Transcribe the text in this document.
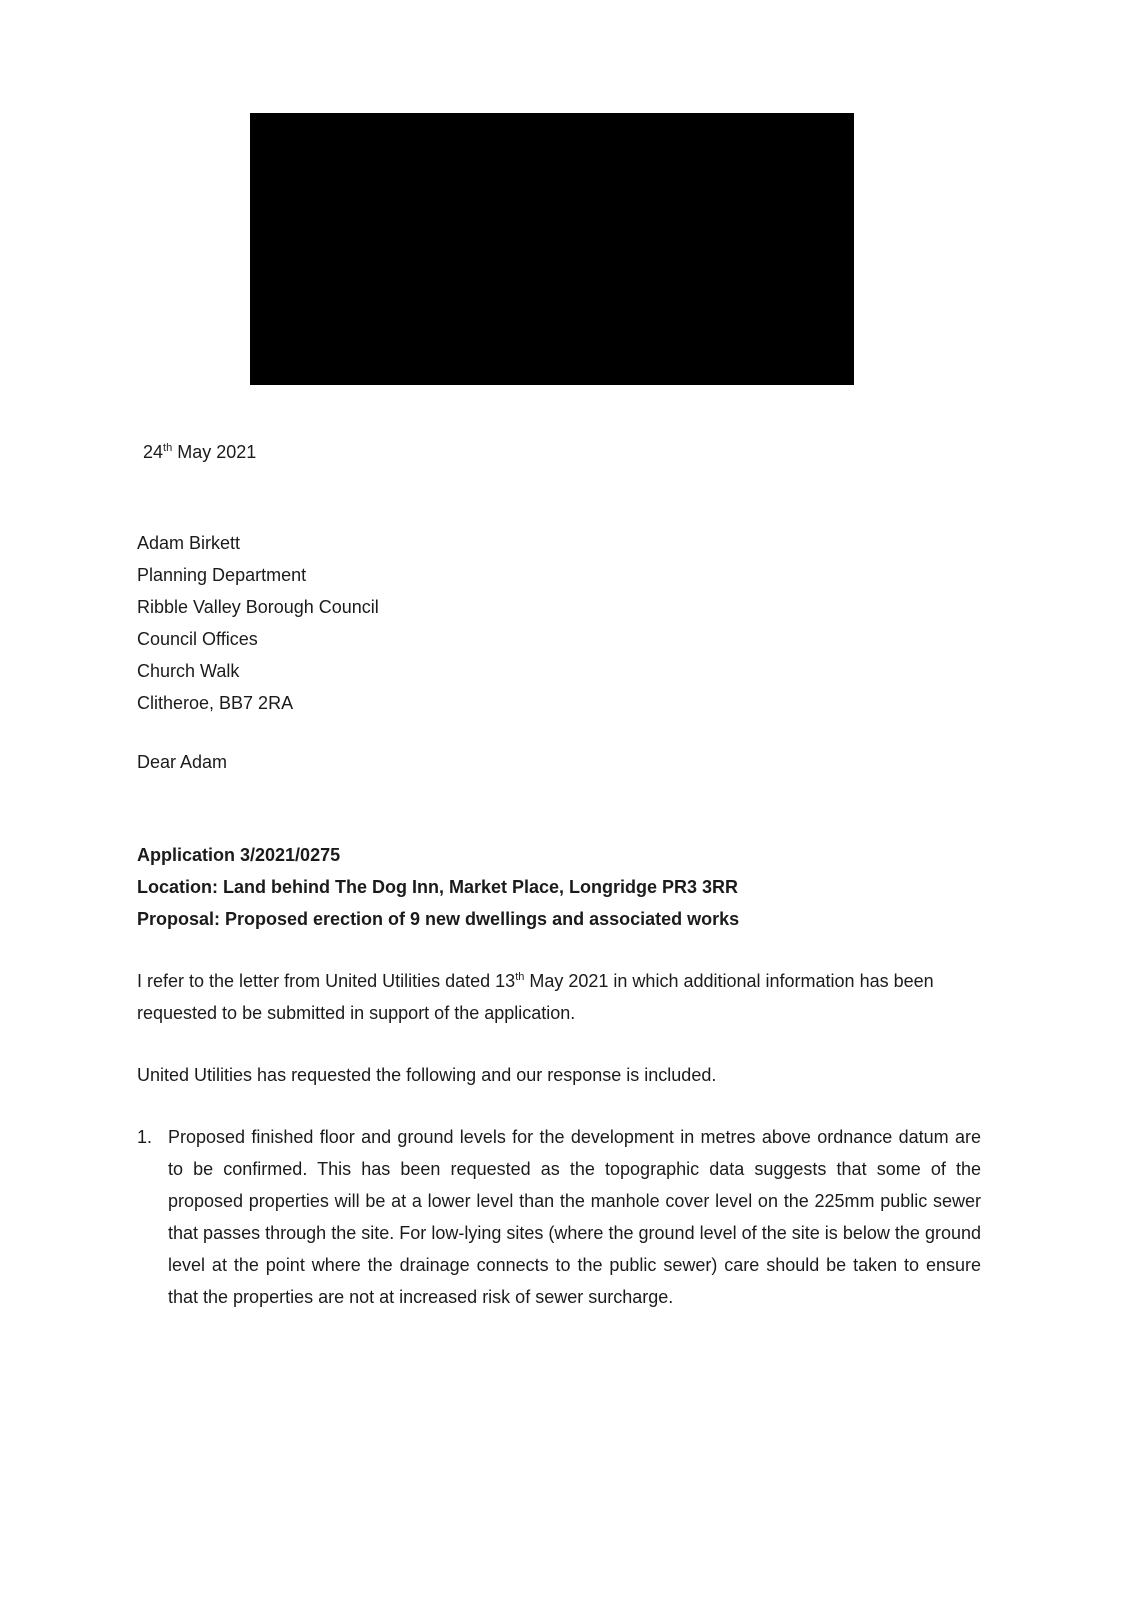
24th May 2021

Adam Birkett

Planning Department

Ribble Valley Borough Council

Council Offices

Church Walk

Clitheroe, BB7 2RA

Dear Adam

Application 3/2021/0275

Location: Land behind The Dog Inn, Market Place, Longridge PR3 3RR

Proposal: Proposed erection of 9 new dwellings and associated works

I refer to the letter from United Utilities dated 13th May 2021 in which additional information has been requested to be submitted in support of the application.

United Utilities has requested the following and our response is included.

1. Proposed finished floor and ground levels for the development in metres above ordnance datum are to be confirmed. This has been requested as the topographic data suggests that some of the proposed properties will be at a lower level than the manhole cover level on the 225mm public sewer that passes through the site. For low-lying sites (where the ground level of the site is below the ground level at the point where the drainage connects to the public sewer) care should be taken to ensure that the properties are not at increased risk of sewer surcharge.
